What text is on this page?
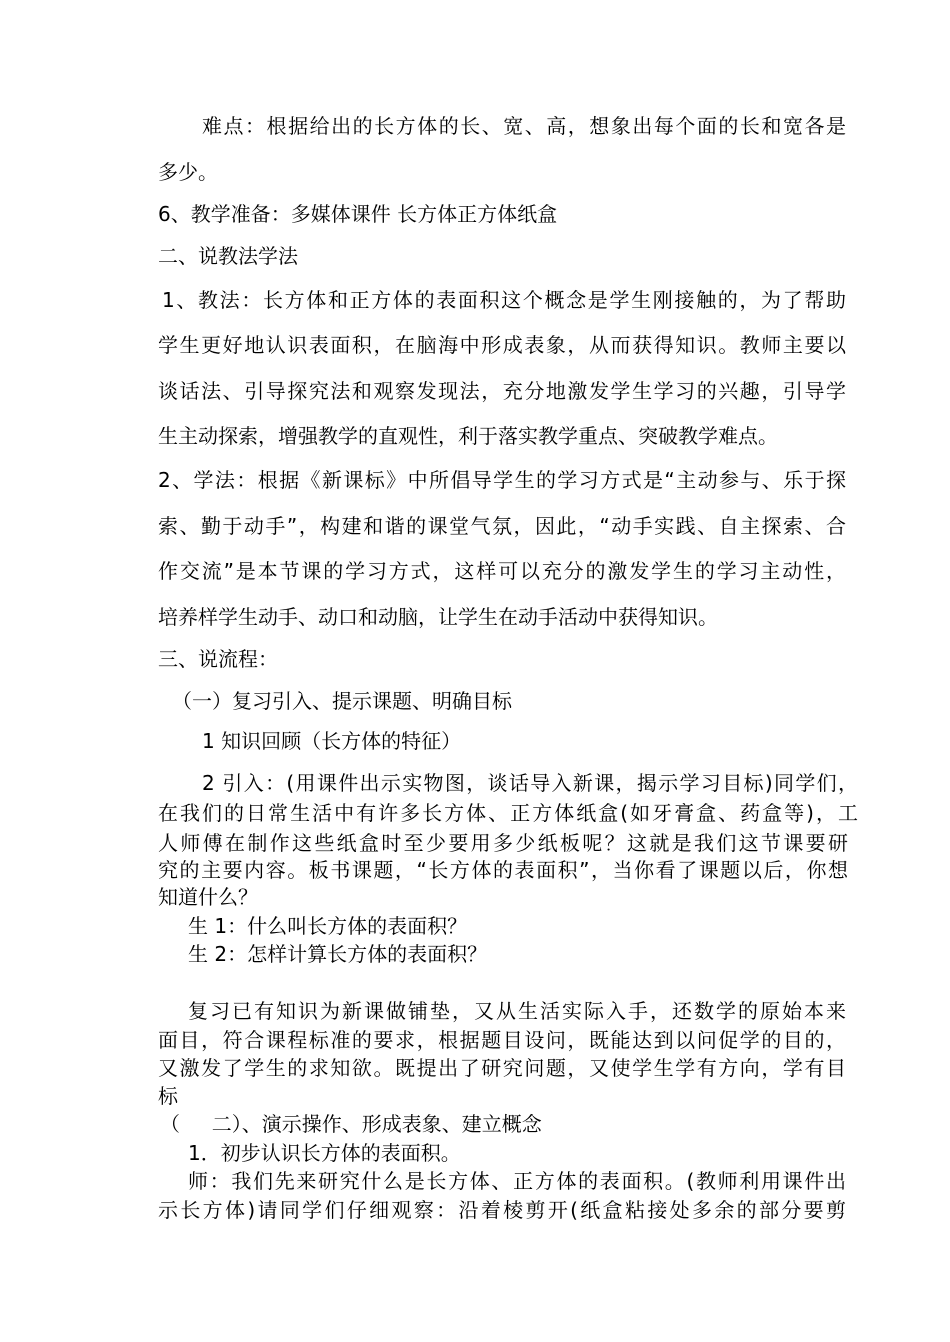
难点：根据给出的长方体的长、宽、高，想象出每个面的长和宽各是
多少。
6、教学准备：多媒体课件 长方体正方体纸盒
二、说教法学法
1、教法：长方体和正方体的表面积这个概念是学生刚接触的，为了帮助
学生更好地认识表面积，在脑海中形成表象，从而获得知识。教师主要以
谈话法、引导探究法和观察发现法，充分地激发学生学习的兴趣，引导学
生主动探索，增强教学的直观性，利于落实教学重点、突破教学难点。
2、学法：根据《新课标》中所倡导学生的学习方式是“主动参与、乐于探
索、勤于动手”，构建和谐的课堂气氛，因此，“动手实践、自主探索、合
作交流”是本节课的学习方式，这样可以充分的激发学生的学习主动性，
培养样学生动手、动口和动脑，让学生在动手活动中获得知识。
三、说流程：
（一）复习引入、提示课题、明确目标
1 知识回顾（长方体的特征）
2 引入：(用课件出示实物图，谈话导入新课，揭示学习目标)同学们，
在我们的日常生活中有许多长方体、正方体纸盒(如牙膏盒、药盒等)，工
人师傅在制作这些纸盒时至少要用多少纸板呢？这就是我们这节课要研
究的主要内容。板书课题，“长方体的表面积”，当你看了课题以后，你想
知道什么？
生 1：什么叫长方体的表面积？
生 2：怎样计算长方体的表面积？
复习已有知识为新课做铺垫，又从生活实际入手，还数学的原始本来
面目，符合课程标准的要求，根据题目设问，既能达到以问促学的目的，
又激发了学生的求知欲。既提出了研究问题，又使学生学有方向，学有目
标
（     二）、演示操作、形成表象、建立概念
1．初步认识长方体的表面积。
师：我们先来研究什么是长方体、正方体的表面积。(教师利用课件出
示长方体)请同学们仔细观察：沿着棱剪开(纸盒粘接处多余的部分要剪
